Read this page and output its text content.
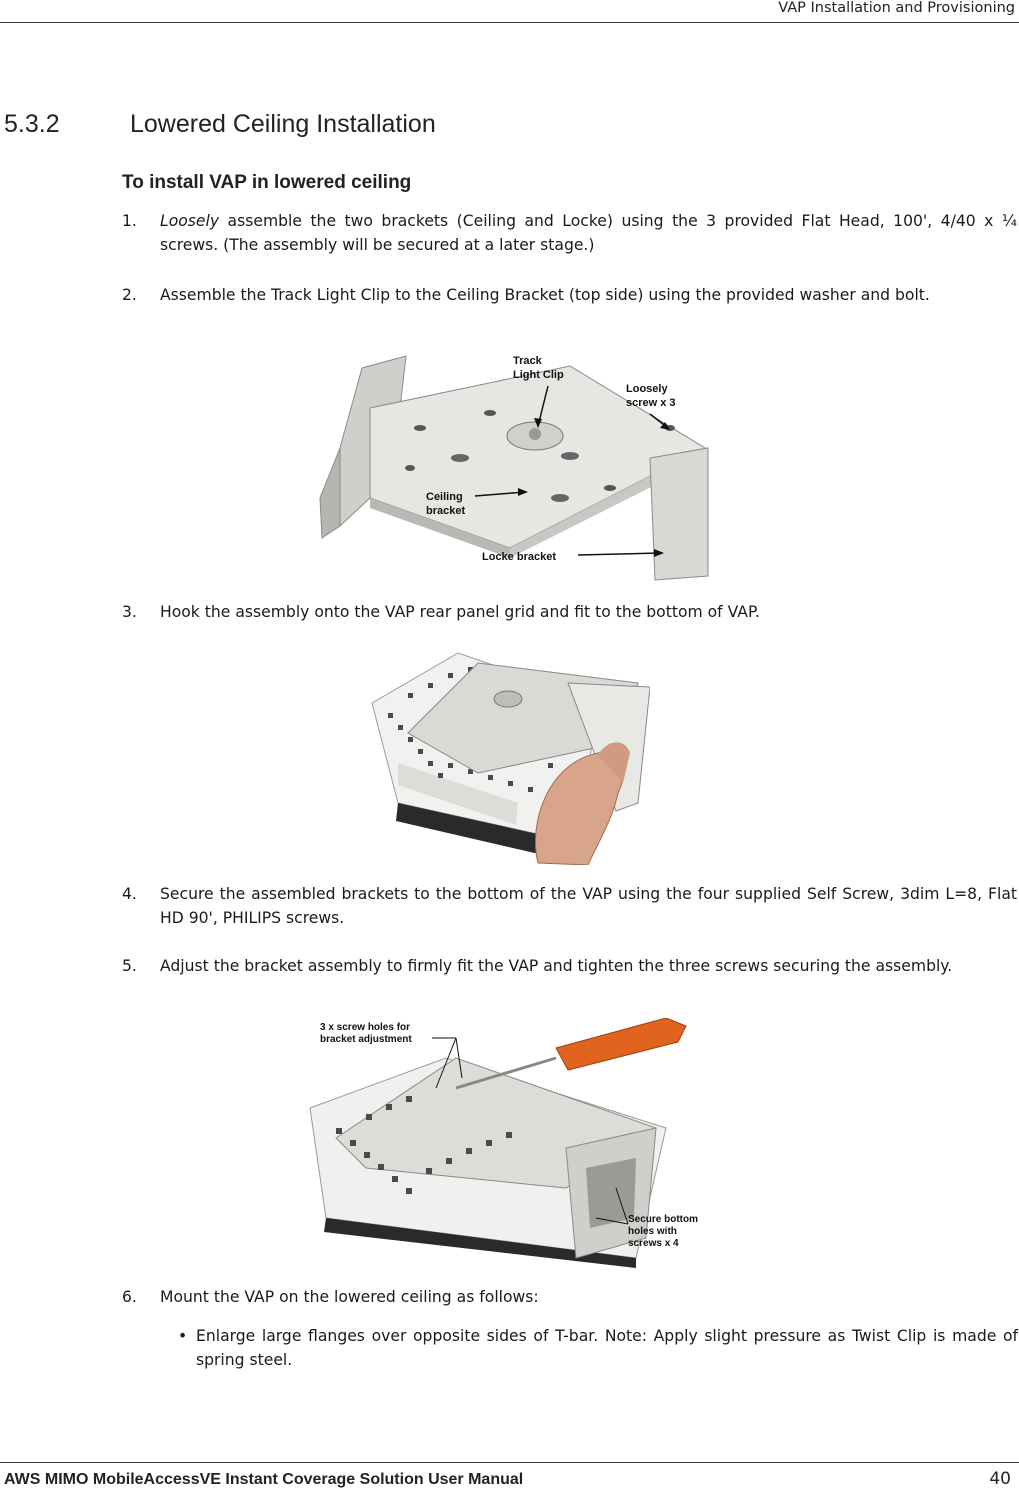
VAP Installation and Provisioning
5.3.2	Lowered Ceiling Installation
To install VAP in lowered ceiling
1. Loosely assemble the two brackets (Ceiling and Locke) using the 3 provided Flat Head, 100', 4/40 x ¼ screws. (The assembly will be secured at a later stage.)
2. Assemble the Track Light Clip to the Ceiling Bracket (top side) using the provided washer and bolt.
Track
Light Clip
Loosely
screw x 3
Ceiling
bracket
Locke bracket
3. Hook the assembly onto the VAP rear panel grid and fit to the bottom of VAP.
4. Secure the assembled brackets to the bottom of the VAP using the four supplied Self Screw, 3dim L=8, Flat HD 90', PHILIPS screws.
5. Adjust the bracket assembly to firmly fit the VAP and tighten the three screws securing the assembly.
3 x screw holes for
bracket adjustment
Secure bottom
holes with
screws x 4
6. Mount the VAP on the lowered ceiling as follows:
• Enlarge large flanges over opposite sides of T-bar. Note: Apply slight pressure as Twist Clip is made of spring steel.
AWS MIMO MobileAccessVE Instant Coverage Solution User Manual	40
